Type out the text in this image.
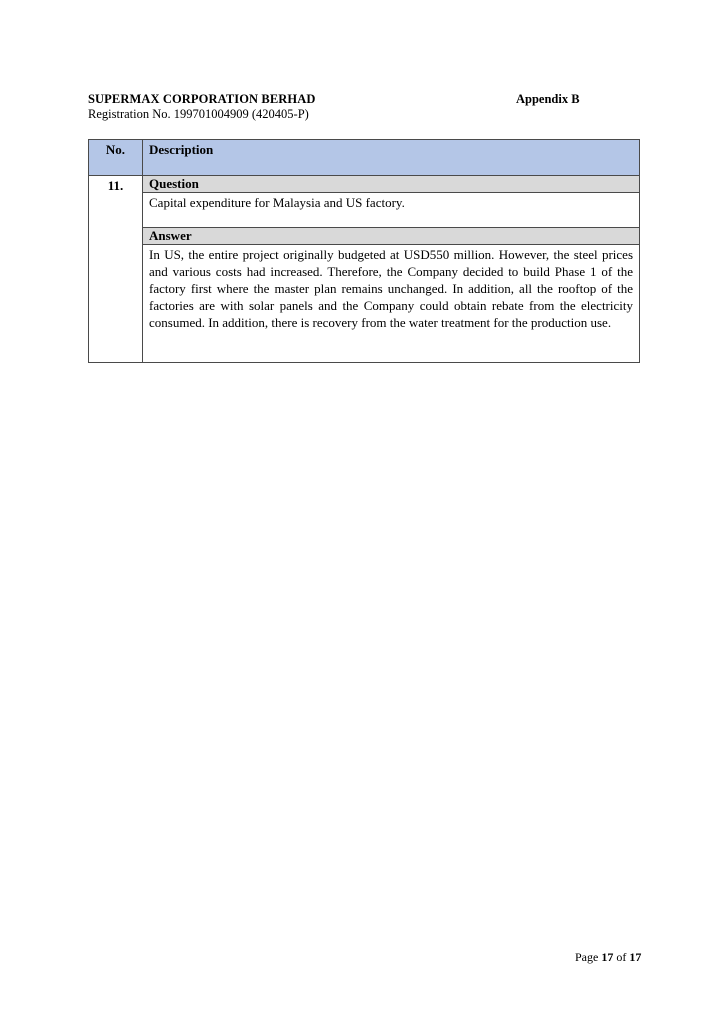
SUPERMAX CORPORATION BERHAD	Appendix B
Registration No. 199701004909 (420405-P)
No.	Description
11.	Question
	Capital expenditure for Malaysia and US factory.
	Answer
	In US, the entire project originally budgeted at USD550 million. However, the steel prices and various costs had increased. Therefore, the Company decided to build Phase 1 of the factory first where the master plan remains unchanged. In addition, all the rooftop of the factories are with solar panels and the Company could obtain rebate from the electricity consumed. In addition, there is recovery from the water treatment for the production use.
Page 17 of 17
